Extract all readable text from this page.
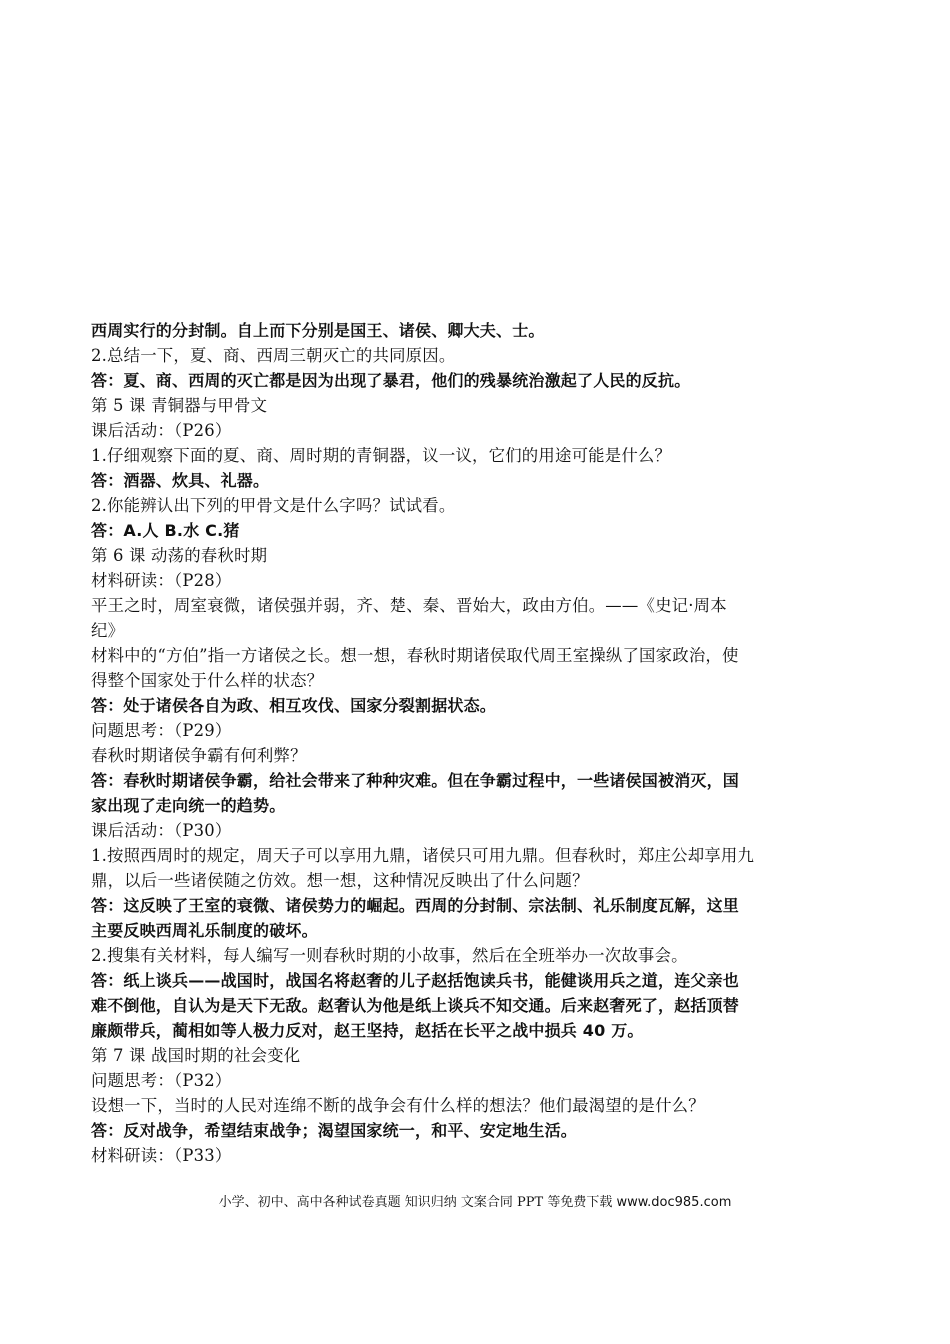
西周实行的分封制。自上而下分别是国王、诸侯、卿大夫、士。
2.总结一下，夏、商、西周三朝灭亡的共同原因。
答：夏、商、西周的灭亡都是因为出现了暴君，他们的残暴统治激起了人民的反抗。
第 5 课 青铜器与甲骨文
课后活动：（P26）
1.仔细观察下面的夏、商、周时期的青铜器，议一议，它们的用途可能是什么？
答：酒器、炊具、礼器。
2.你能辨认出下列的甲骨文是什么字吗？试试看。
答：A.人 B.水 C.猪
第 6 课 动荡的春秋时期
材料研读：（P28）
平王之时，周室衰微，诸侯强并弱，齐、楚、秦、晋始大，政由方伯。——《史记·周本
纪》
材料中的“方伯”指一方诸侯之长。想一想，春秋时期诸侯取代周王室操纵了国家政治，使
得整个国家处于什么样的状态？
答：处于诸侯各自为政、相互攻伐、国家分裂割据状态。
问题思考：（P29）
春秋时期诸侯争霸有何利弊？
答：春秋时期诸侯争霸，给社会带来了种种灾难。但在争霸过程中，一些诸侯国被消灭，国
家出现了走向统一的趋势。
课后活动：（P30）
1.按照西周时的规定，周天子可以享用九鼎，诸侯只可用九鼎。但春秋时，郑庄公却享用九
鼎，以后一些诸侯随之仿效。想一想，这种情况反映出了什么问题？
答：这反映了王室的衰微、诸侯势力的崛起。西周的分封制、宗法制、礼乐制度瓦解，这里
主要反映西周礼乐制度的破坏。
2.搜集有关材料，每人编写一则春秋时期的小故事，然后在全班举办一次故事会。
答：纸上谈兵——战国时，战国名将赵奢的儿子赵括饱读兵书，能健谈用兵之道，连父亲也
难不倒他，自认为是天下无敌。赵奢认为他是纸上谈兵不知交通。后来赵奢死了，赵括顶替
廉颇带兵，蔺相如等人极力反对，赵王坚持，赵括在长平之战中损兵 40 万。
第 7 课 战国时期的社会变化
问题思考：（P32）
设想一下，当时的人民对连绵不断的战争会有什么样的想法？他们最渴望的是什么？
答：反对战争，希望结束战争；渴望国家统一，和平、安定地生活。
材料研读：（P33）
小学、初中、高中各种试卷真题 知识归纳 文案合同 PPT 等免费下载 www.doc985.com
